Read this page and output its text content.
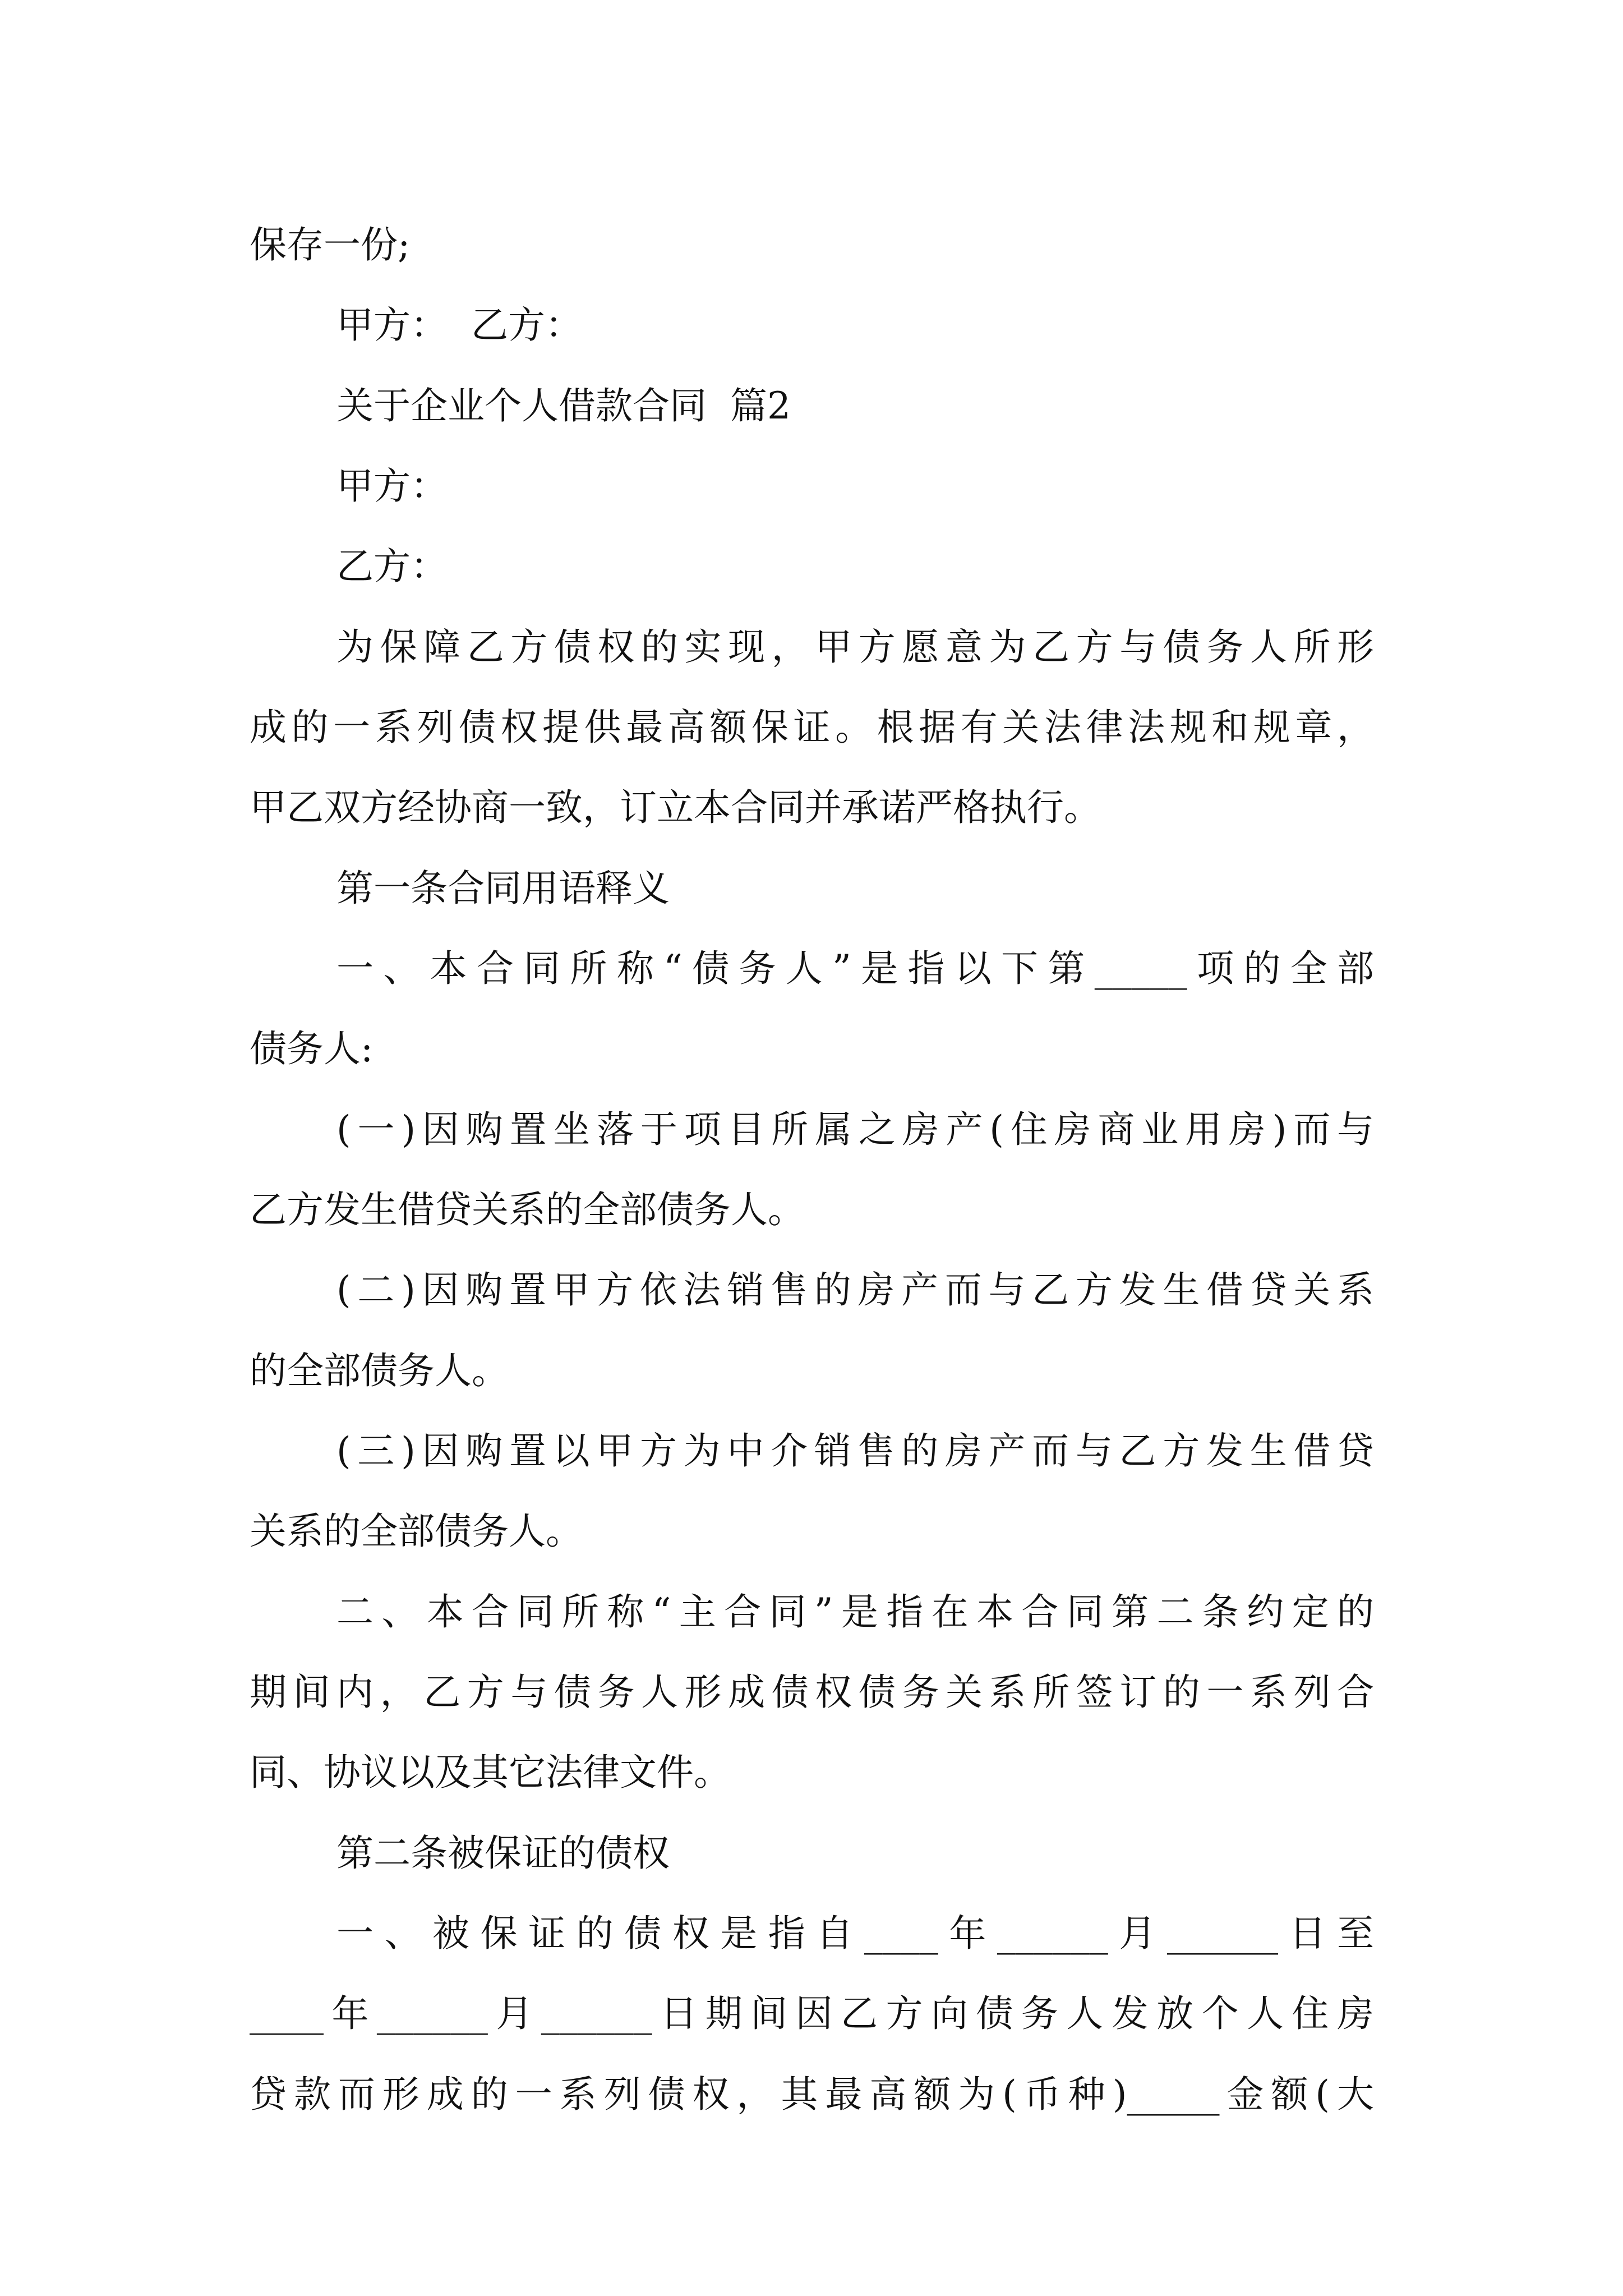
保存一份;

甲方：  乙方：

关于企业个人借款合同  篇2

甲方：

乙方：

为保障乙方债权的实现，甲方愿意为乙方与债务人所形

成的一系列债权提供最高额保证。根据有关法律法规和规章，

甲乙双方经协商一致，订立本合同并承诺严格执行。

第一条合同用语释义

一、本合同所称“债务人”是指以下第_____项的全部

债务人:

(一)因购置坐落于项目所属之房产(住房商业用房)而与

乙方发生借贷关系的全部债务人。

(二)因购置甲方依法销售的房产而与乙方发生借贷关系

的全部债务人。

(三)因购置以甲方为中介销售的房产而与乙方发生借贷

关系的全部债务人。

二、本合同所称“主合同”是指在本合同第二条约定的

期间内，乙方与债务人形成债权债务关系所签订的一系列合

同、协议以及其它法律文件。

第二条被保证的债权

一、被保证的债权是指自____年______月______日至

____年______月______日期间因乙方向债务人发放个人住房

贷款而形成的一系列债权，其最高额为(币种)_____金额(大
